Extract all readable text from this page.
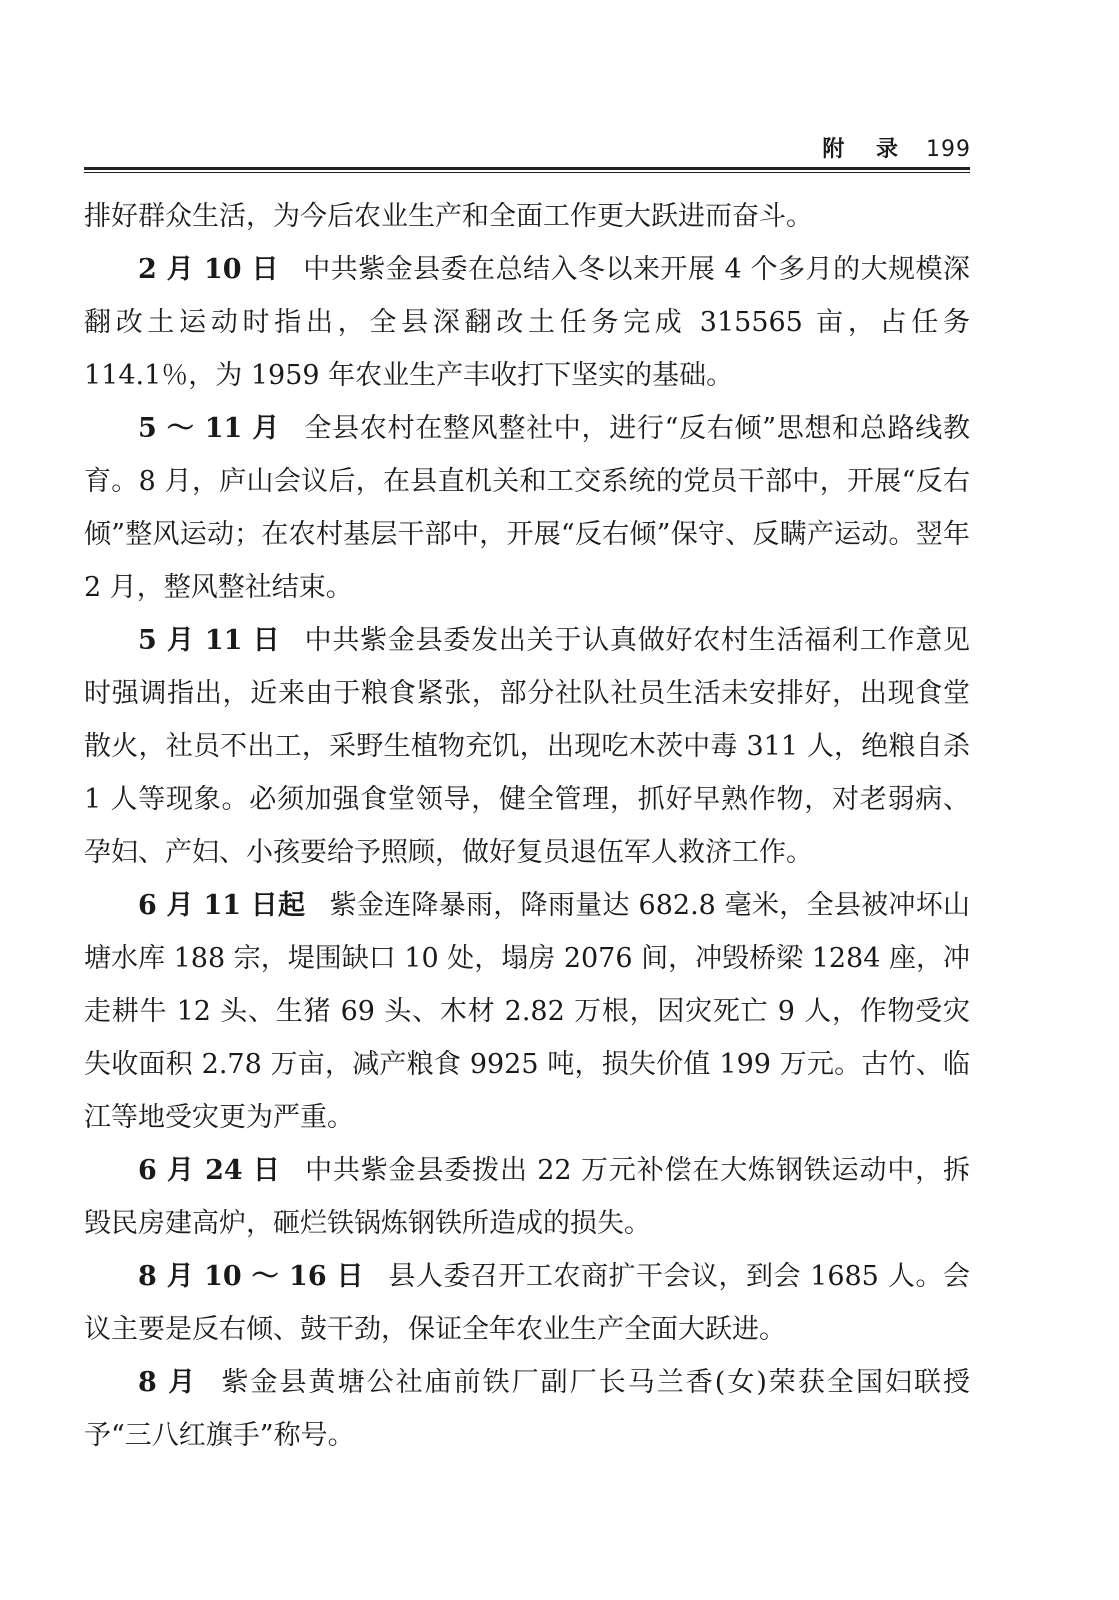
附 录 199

排好群众生活，为今后农业生产和全面工作更大跃进而奋斗。

2 月 10 日 中共紫金县委在总结入冬以来开展 4 个多月的大规模深翻改土运动时指出，全县深翻改土任务完成 315565 亩，占任务 114.1％，为 1959 年农业生产丰收打下坚实的基础。

5 ～ 11 月 全县农村在整风整社中，进行“反右倾”思想和总路线教育。8 月，庐山会议后，在县直机关和工交系统的党员干部中，开展“反右倾”整风运动；在农村基层干部中，开展“反右倾”保守、反瞒产运动。翌年 2 月，整风整社结束。

5 月 11 日 中共紫金县委发出关于认真做好农村生活福利工作意见时强调指出，近来由于粮食紧张，部分社队社员生活未安排好，出现食堂散火，社员不出工，采野生植物充饥，出现吃木茨中毒 311 人，绝粮自杀 1 人等现象。必须加强食堂领导，健全管理，抓好早熟作物，对老弱病、孕妇、产妇、小孩要给予照顾，做好复员退伍军人救济工作。

6 月 11 日起 紫金连降暴雨，降雨量达 682.8 毫米，全县被冲坏山塘水库 188 宗，堤围缺口 10 处，塌房 2076 间，冲毁桥梁 1284 座，冲走耕牛 12 头、生猪 69 头、木材 2.82 万根，因灾死亡 9 人，作物受灾失收面积 2.78 万亩，减产粮食 9925 吨，损失价值 199 万元。古竹、临江等地受灾更为严重。

6 月 24 日 中共紫金县委拨出 22 万元补偿在大炼钢铁运动中，拆毁民房建高炉，砸烂铁锅炼钢铁所造成的损失。

8 月 10 ～ 16 日 县人委召开工农商扩干会议，到会 1685 人。会议主要是反右倾、鼓干劲，保证全年农业生产全面大跃进。

8 月 紫金县黄塘公社庙前铁厂副厂长马兰香(女)荣获全国妇联授予“三八红旗手”称号。
